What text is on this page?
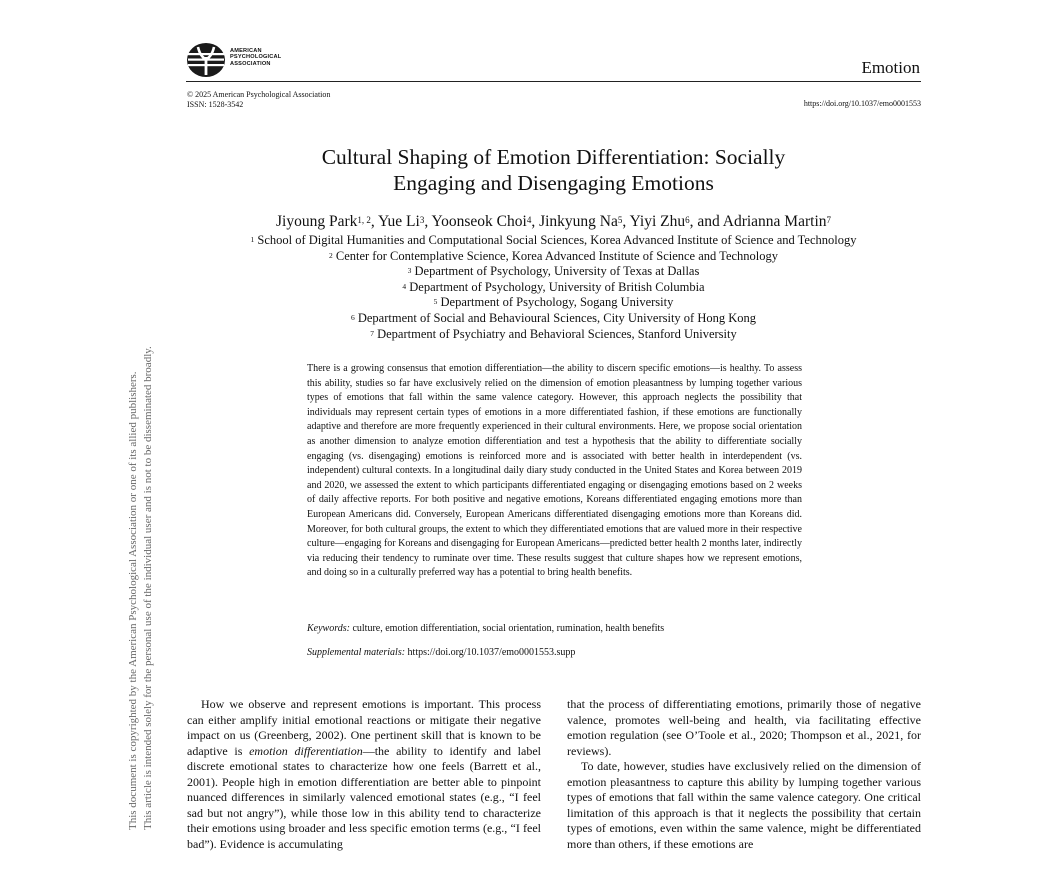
AMERICAN
PSYCHOLOGICAL
ASSOCIATION	Emotion
© 2025 American Psychological Association
ISSN: 1528-3542	https://doi.org/10.1037/emo0001553
This document is copyrighted by the American Psychological Association or one of its allied publishers. This article is intended solely for the personal use of the individual user and is not to be disseminated broadly.
Cultural Shaping of Emotion Differentiation: Socially
Engaging and Disengaging Emotions
Jiyoung Park$^{1, 2}$, Yue Li$^3$, Yoonseok Choi$^4$, Jinkyung Na$^5$, Yiyi Zhu$^6$, and Adrianna Martin$^7$
$^1$ School of Digital Humanities and Computational Social Sciences, Korea Advanced Institute of Science and Technology
$^2$ Center for Contemplative Science, Korea Advanced Institute of Science and Technology
$^3$ Department of Psychology, University of Texas at Dallas
$^4$ Department of Psychology, University of British Columbia
$^5$ Department of Psychology, Sogang University
$^6$ Department of Social and Behavioural Sciences, City University of Hong Kong
$^7$ Department of Psychiatry and Behavioral Sciences, Stanford University
There is a growing consensus that emotion differentiation—the ability to discern specific emotions—is healthy. To assess this ability, studies so far have exclusively relied on the dimension of emotion pleasantness by lumping together various types of emotions that fall within the same valence category. However, this approach neglects the possibility that individuals may represent certain types of emotions in a more differentiated fashion, if these emotions are functionally adaptive and therefore are more frequently experienced in their cultural environments. Here, we propose social orientation as another dimension to analyze emotion differentiation and test a hypothesis that the ability to differentiate socially engaging (vs. disengaging) emotions is reinforced more and is associated with better health in interdependent (vs. independent) cultural contexts. In a longitudinal daily diary study conducted in the United States and Korea between 2019 and 2020, we assessed the extent to which participants differentiated engaging or disengaging emotions based on 2 weeks of daily affective reports. For both positive and negative emotions, Koreans differentiated engaging emotions more than European Americans did. Conversely, European Americans differentiated disengaging emotions more than Koreans did. Moreover, for both cultural groups, the extent to which they differentiated emotions that are valued more in their respective culture—engaging for Koreans and disengaging for European Americans—predicted better health 2 months later, indirectly via reducing their tendency to ruminate over time. These results suggest that culture shapes how we represent emotions, and doing so in a culturally preferred way has a potential to bring health benefits.
Keywords: culture, emotion differentiation, social orientation, rumination, health benefits
Supplemental materials: https://doi.org/10.1037/emo0001553.supp

How we observe and represent emotions is important. This process can either amplify initial emotional reactions or mitigate their negative impact on us (Greenberg, 2002). One pertinent skill that is known to be adaptive is emotion differentiation—the ability to identify and label discrete emotional states to characterize how one feels (Barrett et al., 2001). People high in emotion differentiation are better able to pinpoint nuanced differences in similarly valenced emotional states (e.g., “I feel sad but not angry”), while those low in this ability tend to characterize their emotions using broader and less specific emotion terms (e.g., “I feel bad”). Evidence is accumulating

that the process of differentiating emotions, primarily those of negative valence, promotes well-being and health, via facilitating effective emotion regulation (see O’Toole et al., 2020; Thompson et al., 2021, for reviews).

To date, however, studies have exclusively relied on the dimension of emotion pleasantness to capture this ability by lumping together various types of emotions that fall within the same valence category. One critical limitation of this approach is that it neglects the possibility that certain types of emotions, even within the same valence, might be differentiated more than others, if these emotions are
